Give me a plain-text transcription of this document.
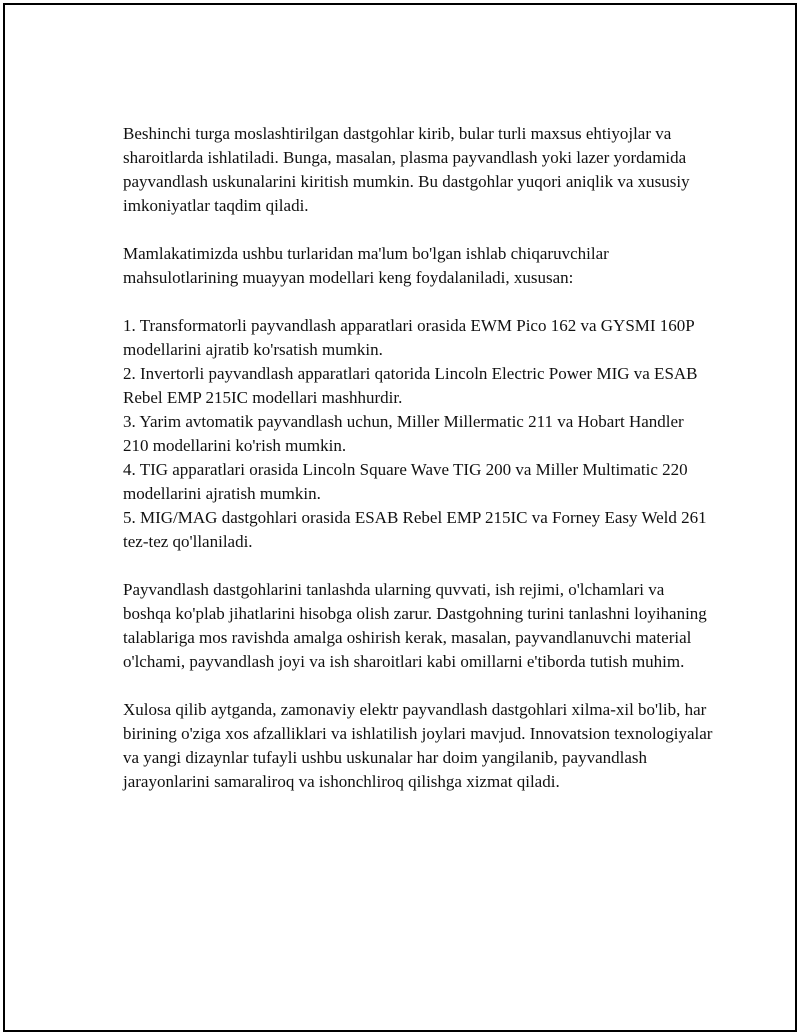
Beshinchi turga moslashtirilgan dastgohlar kirib, bular turli maxsus ehtiyojlar va sharoitlarda ishlatiladi. Bunga, masalan, plasma payvandlash yoki lazer yordamida payvandlash uskunalarini kiritish mumkin. Bu dastgohlar yuqori aniqlik va xususiy imkoniyatlar taqdim qiladi.

Mamlakatimizda ushbu turlaridan ma'lum bo'lgan ishlab chiqaruvchilar mahsulotlarining muayyan modellari keng foydalaniladi, xususan:

1. Transformatorli payvandlash apparatlari orasida EWM Pico 162 va GYSMI 160P modellarini ajratib ko'rsatish mumkin.

2. Invertorli payvandlash apparatlari qatorida Lincoln Electric Power MIG va ESAB Rebel EMP 215IC modellari mashhurdir.

3. Yarim avtomatik payvandlash uchun, Miller Millermatic 211 va Hobart Handler 210 modellarini ko'rish mumkin.

4. TIG apparatlari orasida Lincoln Square Wave TIG 200 va Miller Multimatic 220 modellarini ajratish mumkin.

5. MIG/MAG dastgohlari orasida ESAB Rebel EMP 215IC va Forney Easy Weld 261 tez-tez qo'llaniladi.

Payvandlash dastgohlarini tanlashda ularning quvvati, ish rejimi, o'lchamlari va boshqa ko'plab jihatlarini hisobga olish zarur. Dastgohning turini tanlashni loyihaning talablariga mos ravishda amalga oshirish kerak, masalan, payvandlanuvchi material o'lchami, payvandlash joyi va ish sharoitlari kabi omillarni e'tiborda tutish muhim.

Xulosa qilib aytganda, zamonaviy elektr payvandlash dastgohlari xilma-xil bo'lib, har birining o'ziga xos afzalliklari va ishlatilish joylari mavjud. Innovatsion texnologiyalar va yangi dizaynlar tufayli ushbu uskunalar har doim yangilanib, payvandlash jarayonlarini samaraliroq va ishonchliroq qilishga xizmat qiladi.
